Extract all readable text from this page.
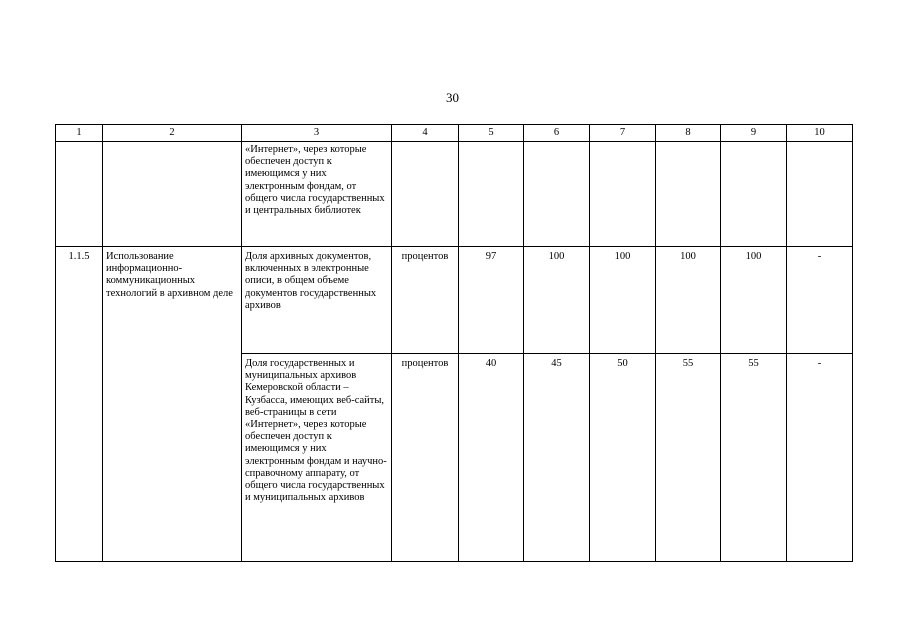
30
1	2	3	4	5	6	7	8	9	10
		«Интернет», через которые обеспечен доступ к имеющимся у них электронным фондам, от общего числа государственных и центральных библиотек							
1.1.5	Использование информационно-коммуникационных технологий в архивном деле	Доля архивных документов, включенных в электронные описи, в общем объеме документов государственных архивов	процентов	97	100	100	100	100	-
		Доля государственных и муниципальных архивов Кемеровской области – Кузбасса, имеющих веб-сайты, веб-страницы в сети «Интернет», через которые обеспечен доступ к имеющимся у них электронным фондам и научно-справочному аппарату, от общего числа государственных и муниципальных архивов	процентов	40	45	50	55	55	-
